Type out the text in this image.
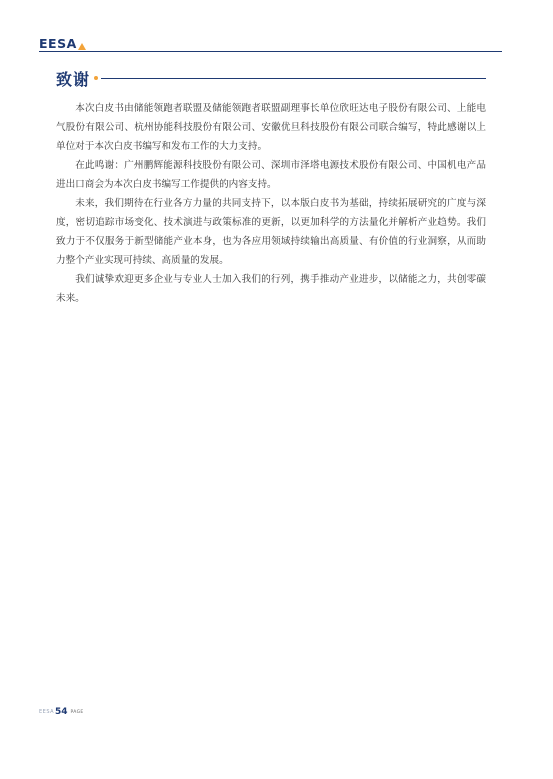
EESA
致谢

本次白皮书由储能领跑者联盟及储能领跑者联盟副理事长单位欣旺达电子股份有限公司、上能电气股份有限公司、杭州协能科技股份有限公司、安徽优旦科技股份有限公司联合编写，特此感谢以上单位对于本次白皮书编写和发布工作的大力支持。

在此鸣谢：广州鹏辉能源科技股份有限公司、深圳市泽塔电源技术股份有限公司、中国机电产品进出口商会为本次白皮书编写工作提供的内容支持。

未来，我们期待在行业各方力量的共同支持下，以本版白皮书为基础，持续拓展研究的广度与深度，密切追踪市场变化、技术演进与政策标准的更新，以更加科学的方法量化并解析产业趋势。我们致力于不仅服务于新型储能产业本身，也为各应用领域持续输出高质量、有价值的行业洞察，从而助力整个产业实现可持续、高质量的发展。

我们诚挚欢迎更多企业与专业人士加入我们的行列，携手推动产业进步，以储能之力，共创零碳未来。

EESA 54 PAGE
